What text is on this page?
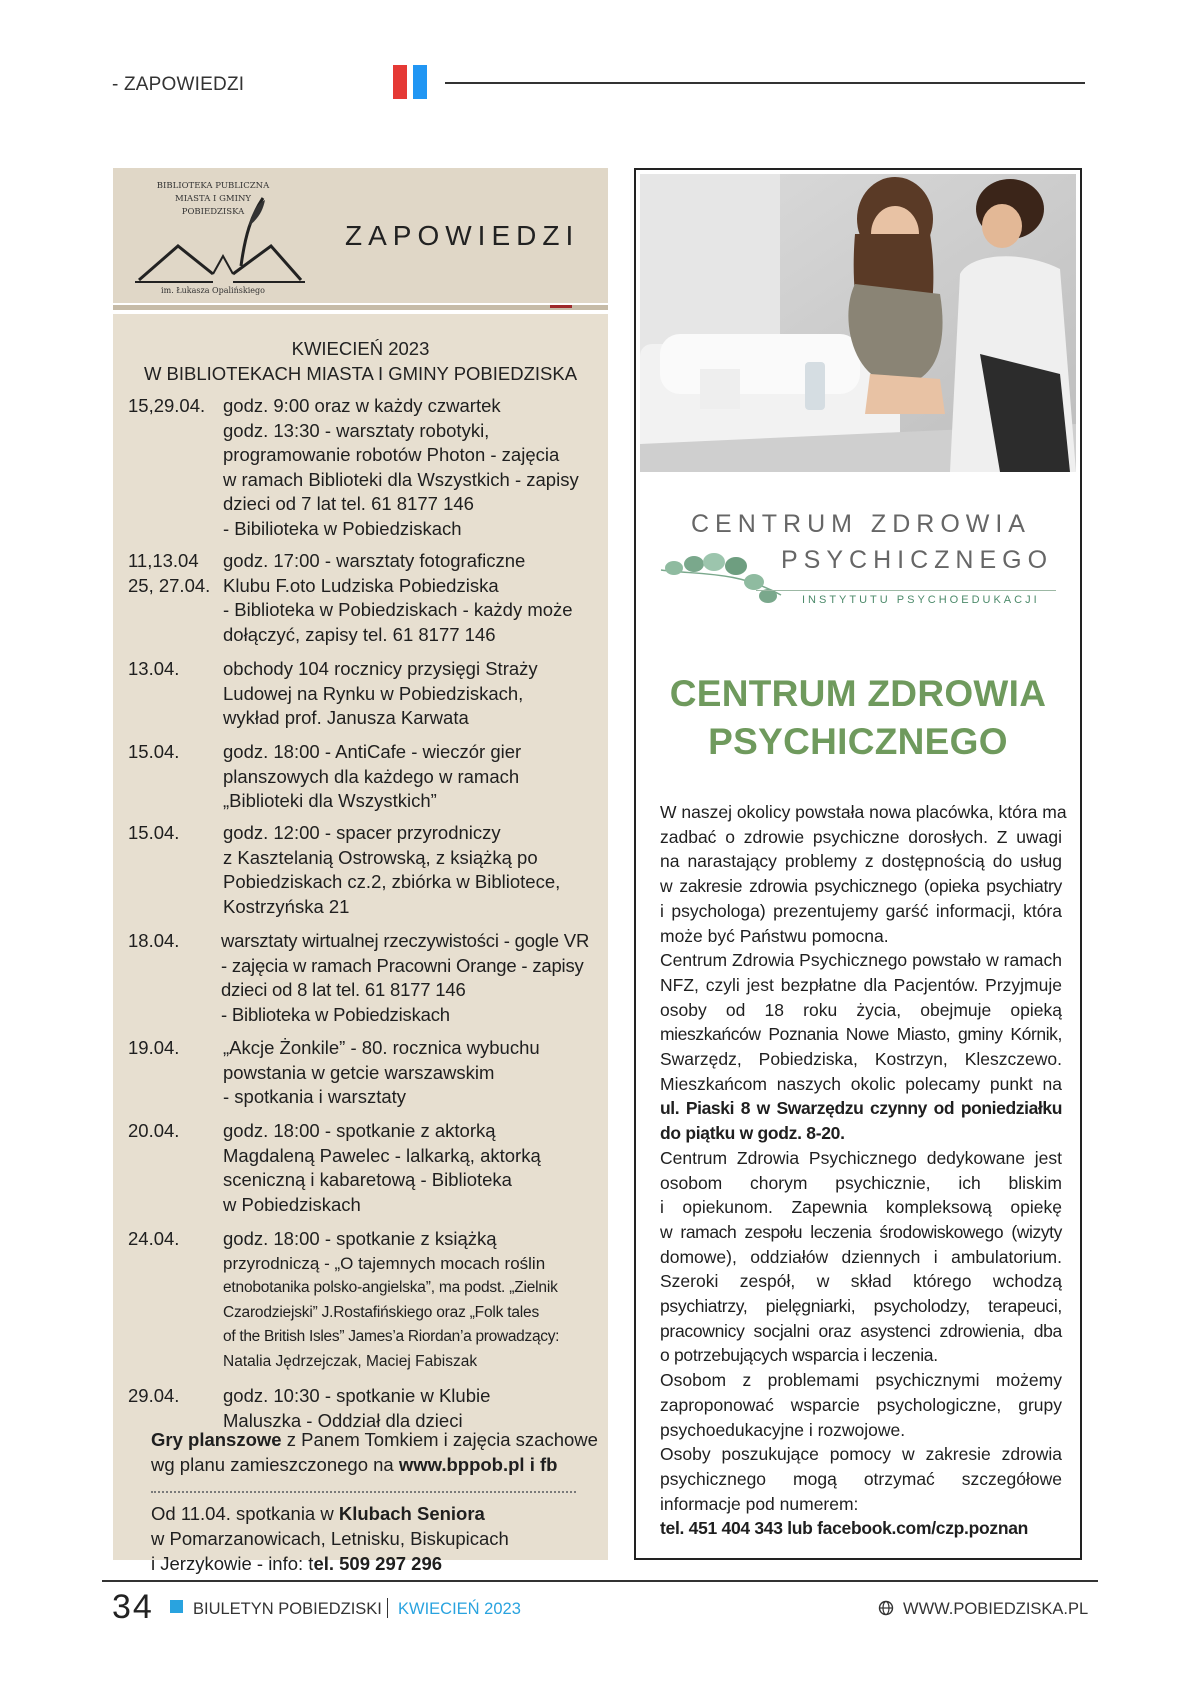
- ZAPOWIEDZI
BIBLIOTEKA PUBLICZNA
MIASTA I GMINY
POBIEDZISKA
im. Łukasza Opalińskiego
ZAPOWIEDZI
KWIECIEŃ 2023
W BIBLIOTEKACH MIASTA I GMINY POBIEDZISKA
15,29.04. godz. 9:00 oraz w każdy czwartek
godz. 13:30 - warsztaty robotyki,
programowanie robotów Photon - zajęcia
w ramach Biblioteki dla Wszystkich - zapisy
dzieci od 7 lat tel. 61 8177 146
- Bibilioteka w Pobiedziskach
11,13.04
25, 27.04.
godz. 17:00 - warsztaty fotograficzne
Klubu F.oto Ludziska Pobiedziska
- Biblioteka w Pobiedziskach - każdy może
dołączyć, zapisy tel. 61 8177 146
13.04. obchody 104 rocznicy przysięgi Straży
Ludowej na Rynku w Pobiedziskach,
wykład prof. Janusza Karwata
15.04. godz. 18:00 - AntiCafe - wieczór gier
planszowych dla każdego w ramach
„Biblioteki dla Wszystkich”
15.04. godz. 12:00 - spacer przyrodniczy
z Kasztelanią Ostrowską, z książką po
Pobiedziskach cz.2, zbiórka w Bibliotece,
Kostrzyńska 21
18.04. warsztaty wirtualnej rzeczywistości - gogle VR
- zajęcia w ramach Pracowni Orange - zapisy
dzieci od 8 lat tel. 61 8177 146
- Biblioteka w Pobiedziskach
19.04. „Akcje Żonkile” - 80. rocznica wybuchu
powstania w getcie warszawskim
- spotkania i warsztaty
20.04. godz. 18:00 - spotkanie z aktorką
Magdaleną Pawelec - lalkarką, aktorką
sceniczną i kabaretową - Biblioteka
w Pobiedziskach
24.04. godz. 18:00 - spotkanie z książką
przyrodniczą - „O tajemnych mocach roślin
etnobotanika polsko-angielska”, ma podst. „Zielnik
Czarodziejski” J.Rostafińskiego oraz „Folk tales
of the British Isles” James’a Riordan’a prowadzący:
Natalia Jędrzejczak, Maciej Fabiszak
29.04. godz. 10:30 - spotkanie w Klubie
Maluszka - Oddział dla dzieci
Gry planszowe z Panem Tomkiem i zajęcia szachowe
wg planu zamieszczonego na www.bppob.pl i fb
Od 11.04. spotkania w Klubach Seniora
w Pomarzanowicach, Letnisku, Biskupicach
i Jerzykowie - info: tel. 509 297 296
CENTRUM ZDROWIA
PSYCHICZNEGO
INSTYTUTU PSYCHOEDUKACJI
CENTRUM ZDROWIA
PSYCHICZNEGO
W naszej okolicy powstała nowa placówka, która ma
zadbać o zdrowie psychiczne dorosłych. Z uwagi
na narastający problemy z dostępnością do usług
w zakresie zdrowia psychicznego (opieka psychiatry
i psychologa) prezentujemy garść informacji, która
może być Państwu pomocna.
Centrum Zdrowia Psychicznego powstało w ramach
NFZ, czyli jest bezpłatne dla Pacjentów. Przyjmuje
osoby od 18 roku życia, obejmuje opieką
mieszkańców Poznania Nowe Miasto, gminy Kórnik,
Swarzędz, Pobiedziska, Kostrzyn, Kleszczewo.
Mieszkańcom naszych okolic polecamy punkt na
ul. Piaski 8 w Swarzędzu czynny od poniedziałku
do piątku w godz. 8-20.
Centrum Zdrowia Psychicznego dedykowane jest
osobom chorym psychicznie, ich bliskim
i opiekunom. Zapewnia kompleksową opiekę
w ramach zespołu leczenia środowiskowego (wizyty
domowe), oddziałów dziennych i ambulatorium.
Szeroki zespół, w skład którego wchodzą
psychiatrzy, pielęgniarki, psycholodzy, terapeuci,
pracownicy socjalni oraz asystenci zdrowienia, dba
o potrzebujących wsparcia i leczenia.
Osobom z problemami psychicznymi możemy
zaproponować wsparcie psychologiczne, grupy
psychoedukacyjne i rozwojowe.
Osoby poszukujące pomocy w zakresie zdrowia
psychicznego mogą otrzymać szczegółowe
informacje pod numerem:
tel. 451 404 343 lub facebook.com/czp.poznan
34 BIULETYN POBIEDZISKI KWIECIEŃ 2023	WWW.POBIEDZISKA.PL
